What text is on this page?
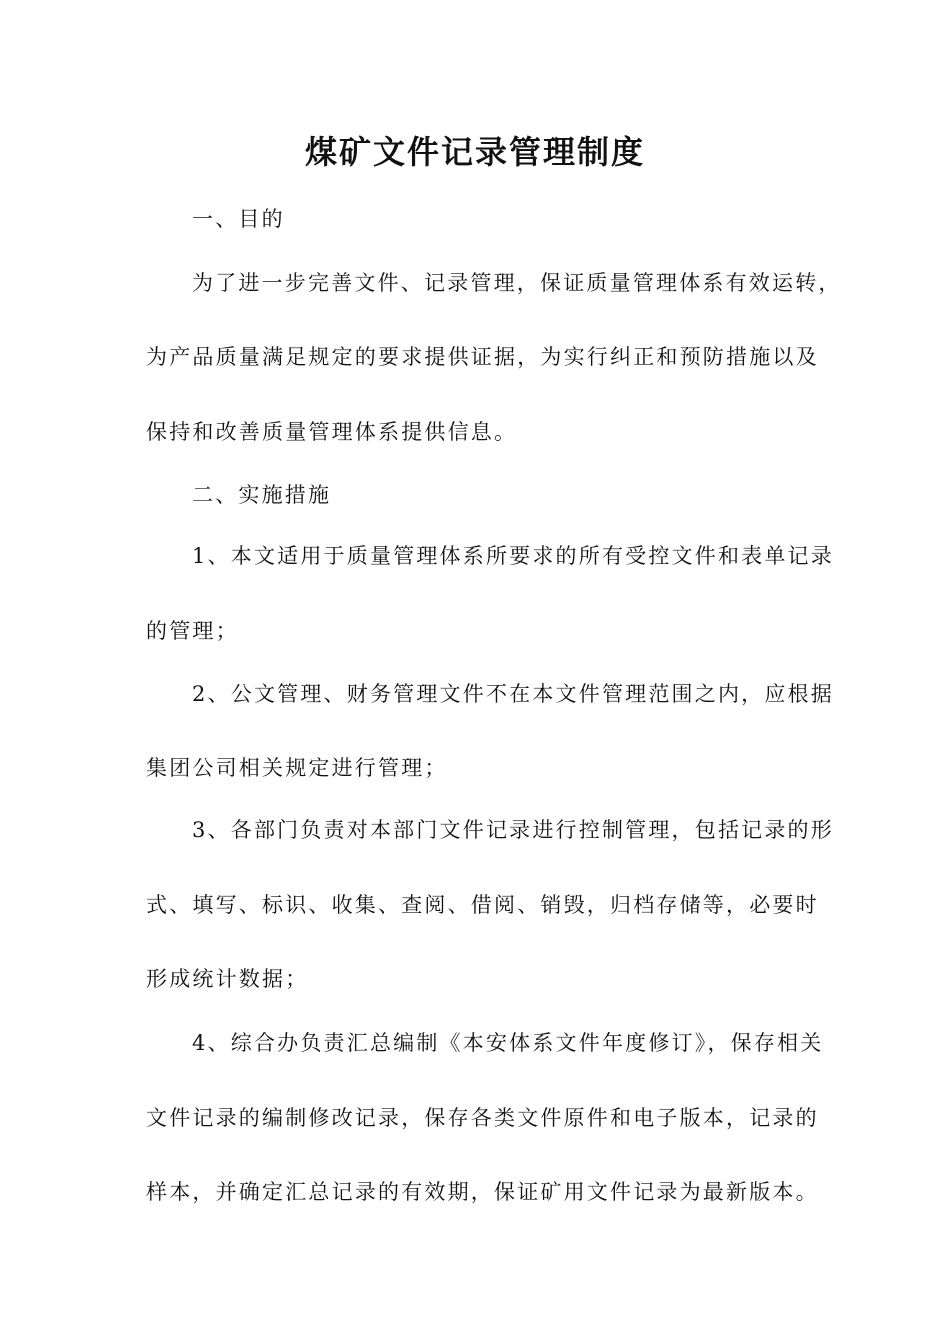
煤矿文件记录管理制度
一、目的
为了进一步完善文件、记录管理，保证质量管理体系有效运转，
为产品质量满足规定的要求提供证据，为实行纠正和预防措施以及
保持和改善质量管理体系提供信息。
二、实施措施
1、本文适用于质量管理体系所要求的所有受控文件和表单记录
的管理；
2、公文管理、财务管理文件不在本文件管理范围之内，应根据
集团公司相关规定进行管理；
3、各部门负责对本部门文件记录进行控制管理，包括记录的形
式、填写、标识、收集、查阅、借阅、销毁，归档存储等，必要时
形成统计数据；
4、综合办负责汇总编制《本安体系文件年度修订》，保存相关
文件记录的编制修改记录，保存各类文件原件和电子版本，记录的
样本，并确定汇总记录的有效期，保证矿用文件记录为最新版本。
